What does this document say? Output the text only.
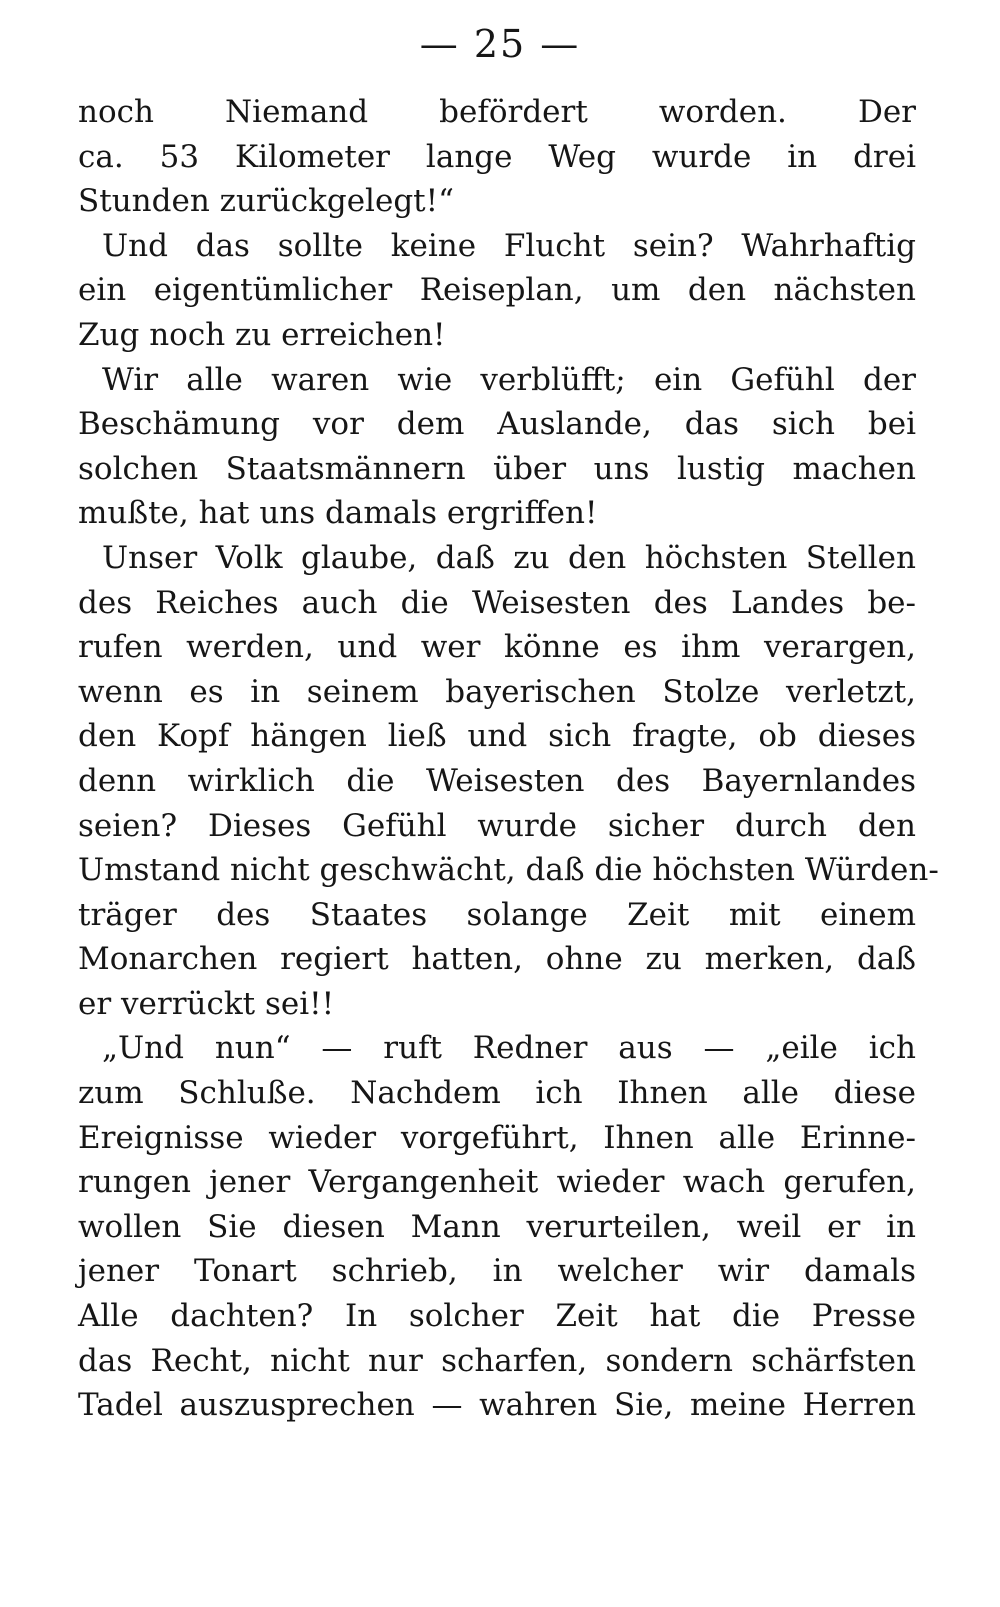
— 25 —
noch Niemand befördert worden. Der
ca. 53 Kilometer lange Weg wurde in drei
Stunden zurückgelegt!“
Und das sollte keine Flucht sein? Wahrhaftig
ein eigentümlicher Reiseplan, um den nächsten
Zug noch zu erreichen!
Wir alle waren wie verblüfft; ein Gefühl der
Beschämung vor dem Auslande, das sich bei
solchen Staatsmännern über uns lustig machen
mußte, hat uns damals ergriffen!
Unser Volk glaube, daß zu den höchsten Stellen
des Reiches auch die Weisesten des Landes be-
rufen werden, und wer könne es ihm verargen,
wenn es in seinem bayerischen Stolze verletzt,
den Kopf hängen ließ und sich fragte, ob dieses
denn wirklich die Weisesten des Bayernlandes
seien? Dieses Gefühl wurde sicher durch den
Umstand nicht geschwächt, daß die höchsten Würden-
träger des Staates solange Zeit mit einem
Monarchen regiert hatten, ohne zu merken, daß
er verrückt sei!!
„Und nun“ — ruft Redner aus — „eile ich
zum Schluße. Nachdem ich Ihnen alle diese
Ereignisse wieder vorgeführt, Ihnen alle Erinne-
rungen jener Vergangenheit wieder wach gerufen,
wollen Sie diesen Mann verurteilen, weil er in
jener Tonart schrieb, in welcher wir damals
Alle dachten? In solcher Zeit hat die Presse
das Recht, nicht nur scharfen, sondern schärfsten
Tadel auszusprechen — wahren Sie, meine Herren
